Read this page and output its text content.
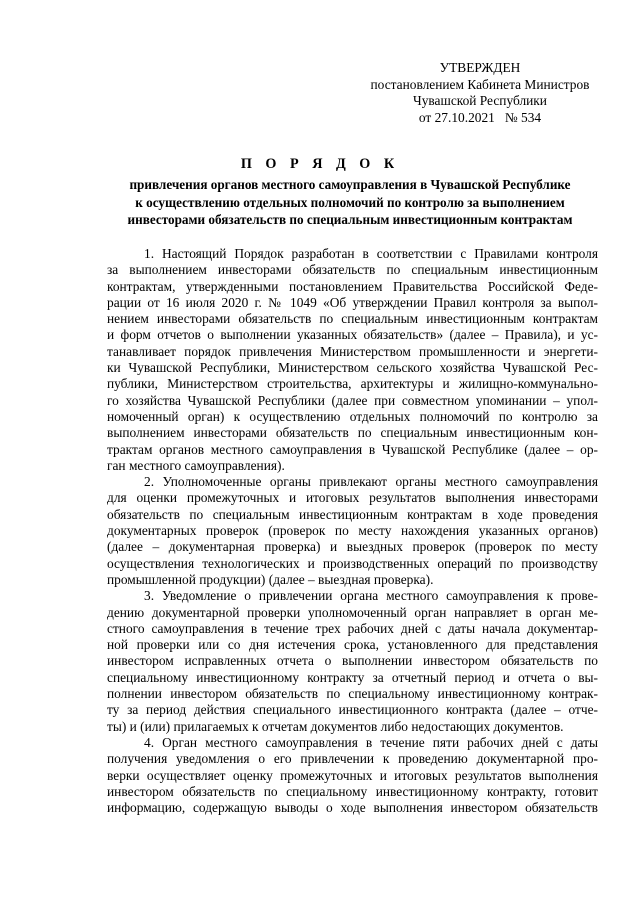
УТВЕРЖДЕН
постановлением Кабинета Министров
Чувашской Республики
от 27.10.2021   № 534
П О Р Я Д О К
привлечения органов местного самоуправления в Чувашской Республике
к осуществлению отдельных полномочий по контролю за выполнением
инвесторами обязательств по специальным инвестиционным контрактам
1. Настоящий Порядок разработан в соответствии с Правилами контроля
за выполнением инвесторами обязательств по специальным инвестиционным
контрактам, утвержденными постановлением Правительства Российской Феде-
рации от 16 июля 2020 г. № 1049 «Об утверждении Правил контроля за выпол-
нением инвесторами обязательств по специальным инвестиционным контрактам
и форм отчетов о выполнении указанных обязательств» (далее – Правила), и ус-
танавливает порядок привлечения Министерством промышленности и энергети-
ки Чувашской Республики, Министерством сельского хозяйства Чувашской Рес-
публики, Министерством строительства, архитектуры и жилищно-коммунально-
го хозяйства Чувашской Республики (далее при совместном упоминании – упол-
номоченный орган) к осуществлению отдельных полномочий по контролю за
выполнением инвесторами обязательств по специальным инвестиционным кон-
трактам органов местного самоуправления в Чувашской Республике (далее – ор-
ган местного самоуправления).
2. Уполномоченные органы привлекают органы местного самоуправления
для оценки промежуточных и итоговых результатов выполнения инвесторами
обязательств по специальным инвестиционным контрактам в ходе проведения
документарных проверок (проверок по месту нахождения указанных органов)
(далее – документарная проверка) и выездных проверок (проверок по месту
осуществления технологических и производственных операций по производству
промышленной продукции) (далее – выездная проверка).
3. Уведомление о привлечении органа местного самоуправления к прове-
дению документарной проверки уполномоченный орган направляет в орган ме-
стного самоуправления в течение трех рабочих дней с даты начала документар-
ной проверки или со дня истечения срока, установленного для представления
инвестором исправленных отчета о выполнении инвестором обязательств по
специальному инвестиционному контракту за отчетный период и отчета о вы-
полнении инвестором обязательств по специальному инвестиционному контрак-
ту за период действия специального инвестиционного контракта (далее – отче-
ты) и (или) прилагаемых к отчетам документов либо недостающих документов.
4. Орган местного самоуправления в течение пяти рабочих дней с даты
получения уведомления о его привлечении к проведению документарной про-
верки осуществляет оценку промежуточных и итоговых результатов выполнения
инвестором обязательств по специальному инвестиционному контракту, готовит
информацию, содержащую выводы о ходе выполнения инвестором обязательств
